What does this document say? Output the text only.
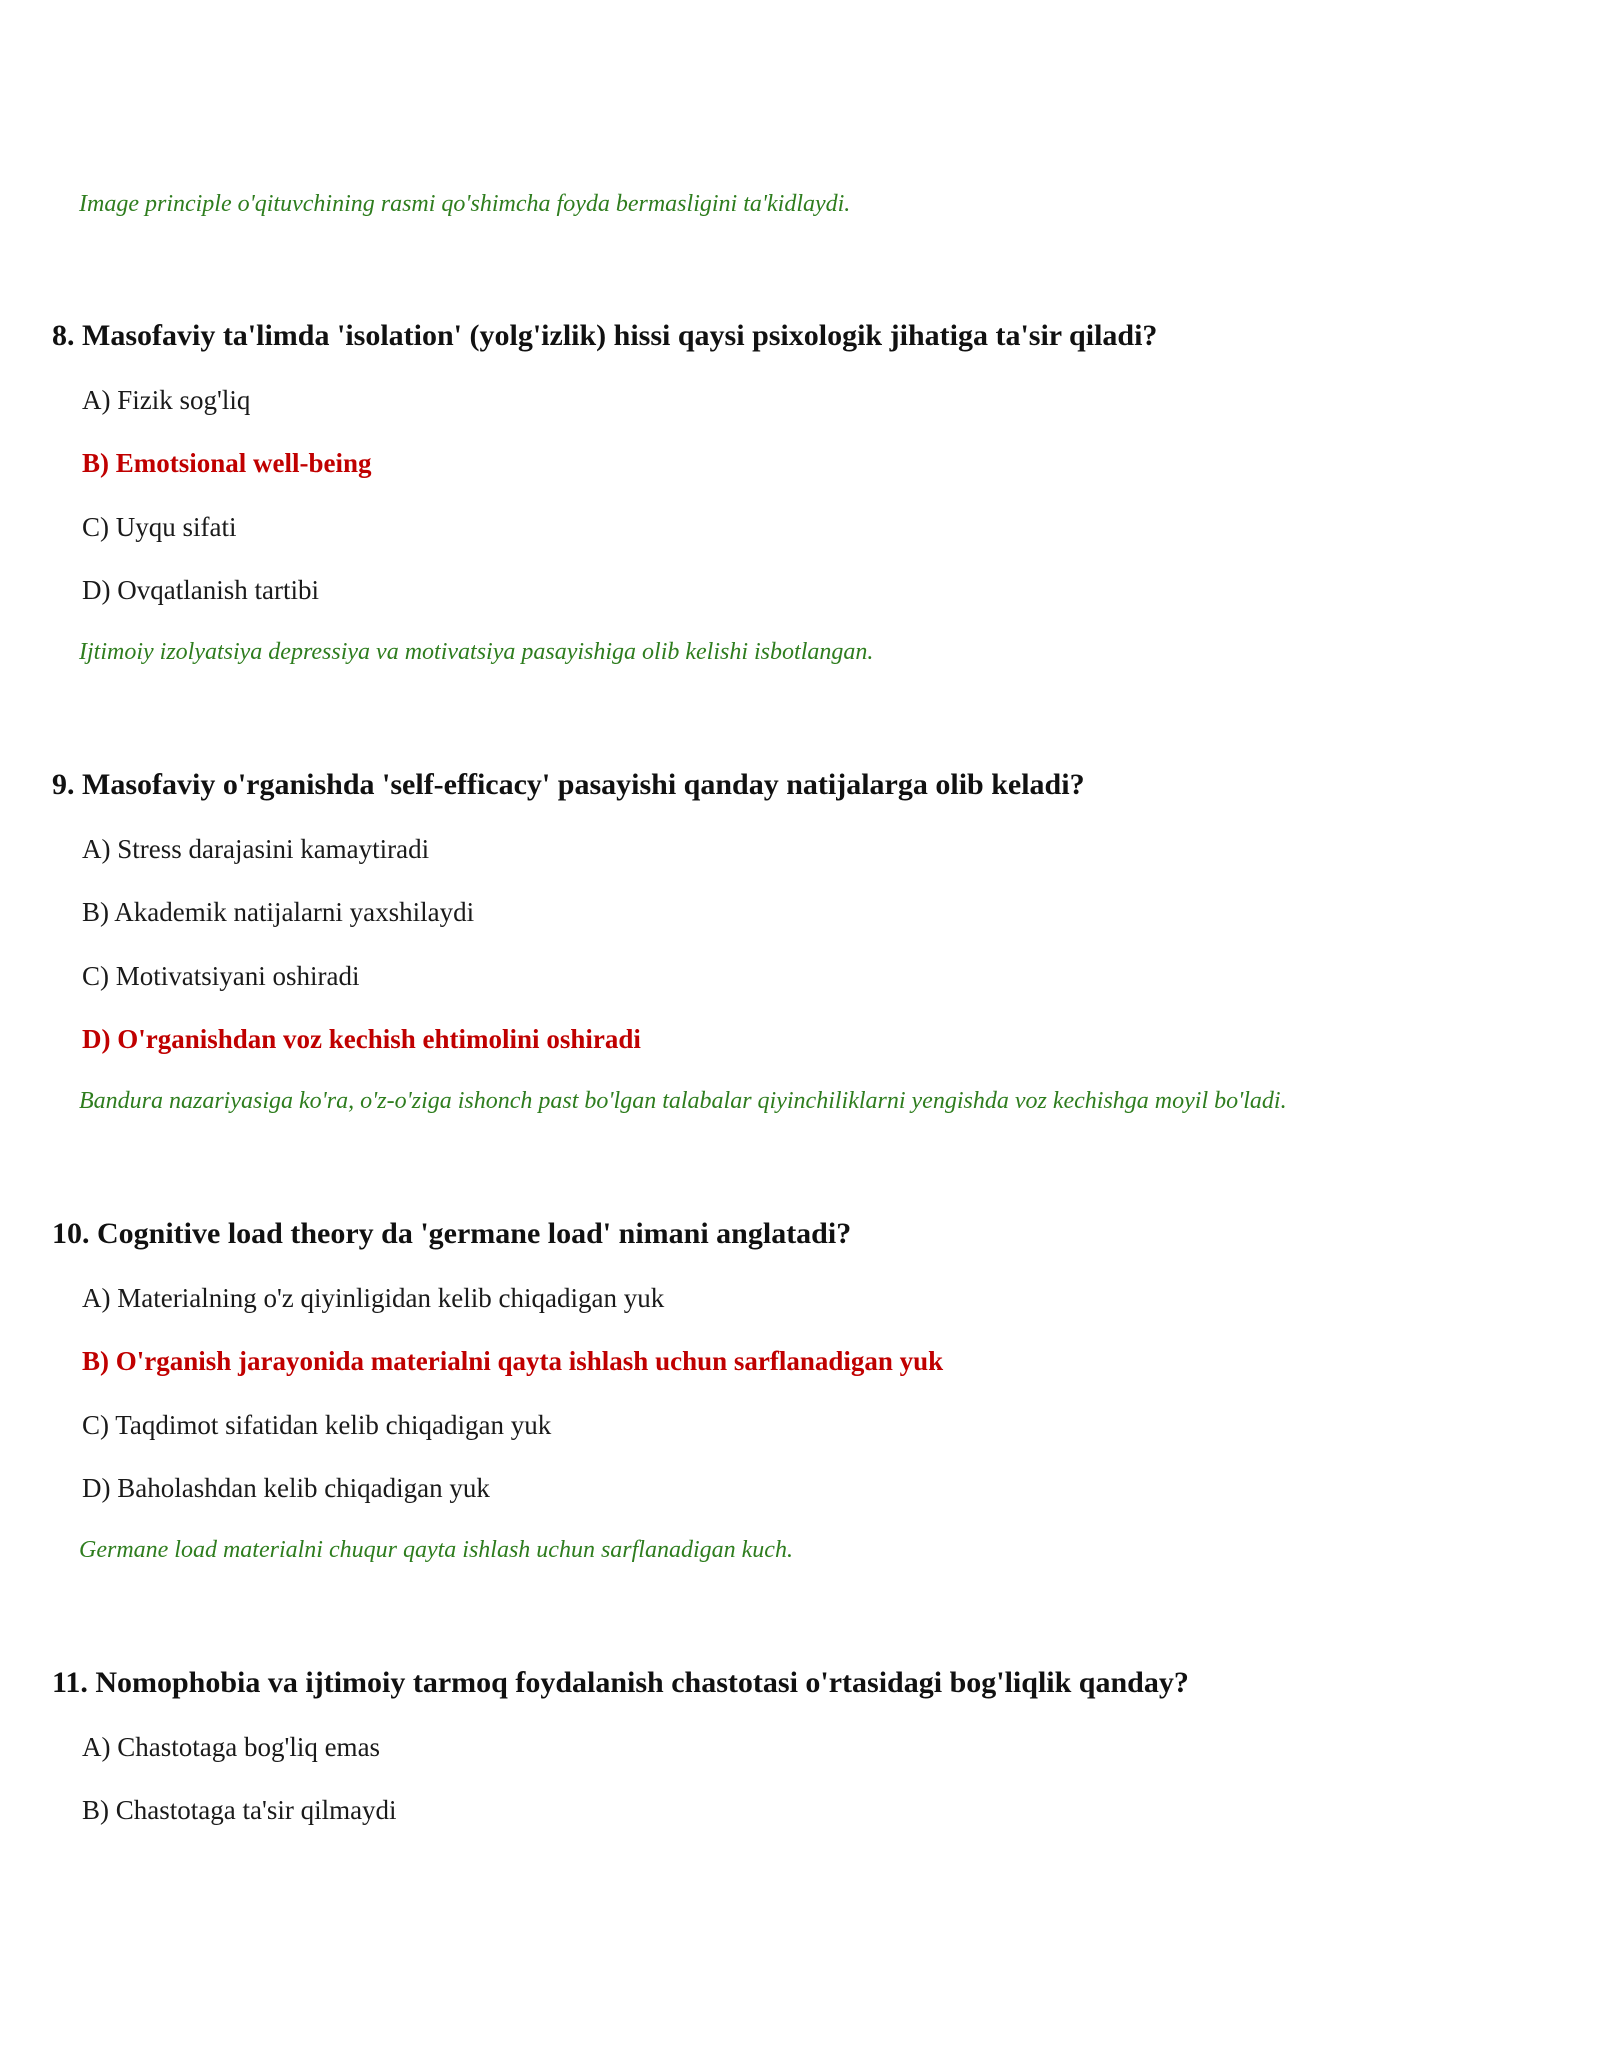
Image principle o'qituvchining rasmi qo'shimcha foyda bermasligini ta'kidlaydi.
8. Masofaviy ta'limda 'isolation' (yolg'izlik) hissi qaysi psixologik jihatiga ta'sir qiladi?
A) Fizik sog'liq
B) Emotsional well-being
C) Uyqu sifati
D) Ovqatlanish tartibi
Ijtimoiy izolyatsiya depressiya va motivatsiya pasayishiga olib kelishi isbotlangan.
9. Masofaviy o'rganishda 'self-efficacy' pasayishi qanday natijalarga olib keladi?
A) Stress darajasini kamaytiradi
B) Akademik natijalarni yaxshilaydi
C) Motivatsiyani oshiradi
D) O'rganishdan voz kechish ehtimolini oshiradi
Bandura nazariyasiga ko'ra, o'z-o'ziga ishonch past bo'lgan talabalar qiyinchiliklarni yengishda voz kechishga moyil bo'ladi.
10. Cognitive load theory da 'germane load' nimani anglatadi?
A) Materialning o'z qiyinligidan kelib chiqadigan yuk
B) O'rganish jarayonida materialni qayta ishlash uchun sarflanadigan yuk
C) Taqdimot sifatidan kelib chiqadigan yuk
D) Baholashdan kelib chiqadigan yuk
Germane load materialni chuqur qayta ishlash uchun sarflanadigan kuch.
11. Nomophobia va ijtimoiy tarmoq foydalanish chastotasi o'rtasidagi bog'liqlik qanday?
A) Chastotaga bog'liq emas
B) Chastotaga ta'sir qilmaydi
